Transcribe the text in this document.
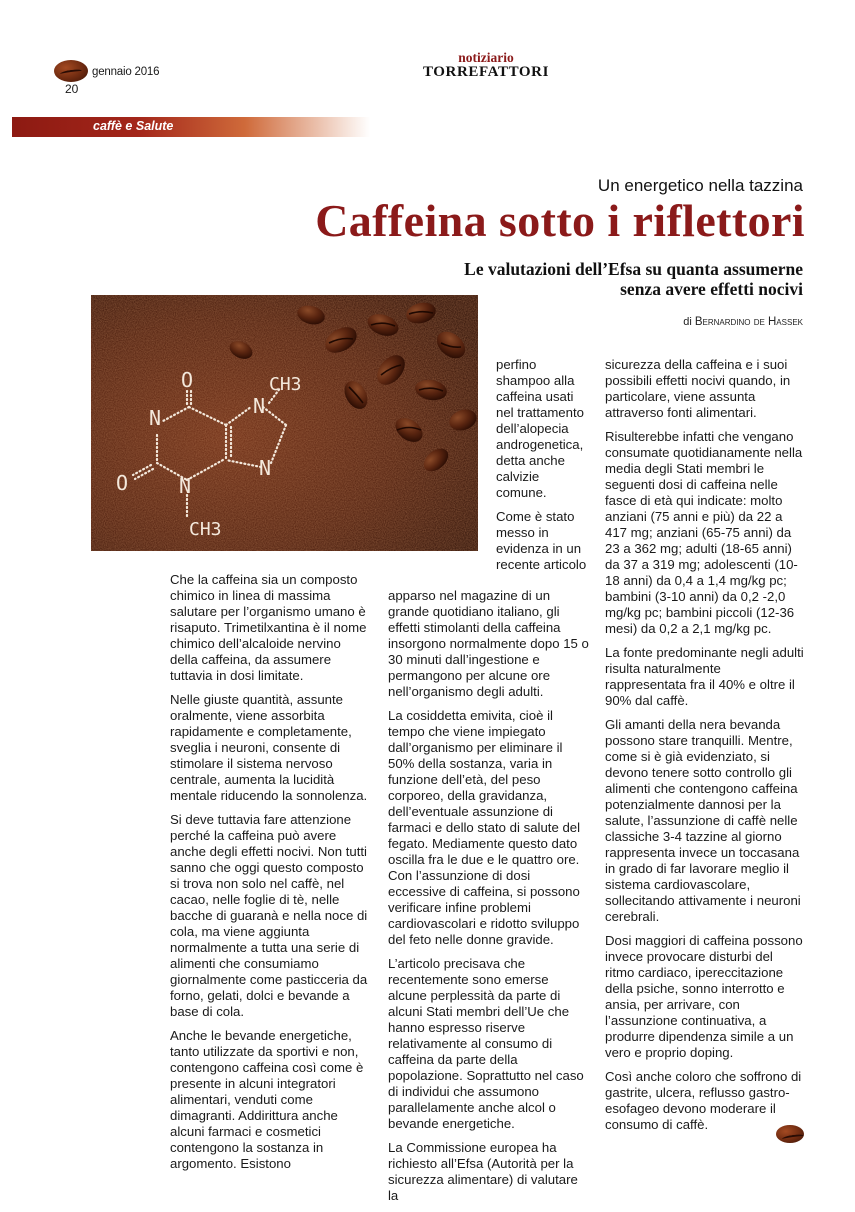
gennaio 2016
20
notiziario
TORREFATTORI
caffè e Salute
Un energetico nella tazzina
Caffeina sotto i riflettori
Le valutazioni dell’Efsa su quanta assumerne
senza avere effetti nocivi
di Bernardino de Hassek
O
N
CH3
O	N
N
N
CH3

Che la caffeina sia un composto chimico in linea di massima salutare per l’organismo umano è risaputo. Trimetilxantina è il nome chimico dell’alcaloide nervino della caffeina, da assumere tuttavia in dosi limitate.

Nelle giuste quantità, assunte oralmente, viene assorbita rapidamente e completamente, sveglia i neuroni, consente di stimolare il sistema nervoso centrale, aumenta la lucidità mentale riducendo la sonnolenza.

Si deve tuttavia fare attenzione perché la caffeina può avere anche degli effetti nocivi. Non tutti sanno che oggi questo composto si trova non solo nel caffè, nel cacao, nelle foglie di tè, nelle bacche di guaranà e nella noce di cola, ma viene aggiunta normalmente a tutta una serie di alimenti che consumiamo giornalmente come pasticceria da forno, gelati, dolci e bevande a base di cola.

Anche le bevande energetiche, tanto utilizzate da sportivi e non, contengono caffeina così come è presente in alcuni integratori alimentari, venduti come dimagranti. Addirittura anche alcuni farmaci e cosmetici contengono la sostanza in argomento. Esistono

perfino shampoo alla caffeina usati nel trattamento dell’alopecia androgenetica, detta anche calvizie comune.

Come è stato messo in evidenza in un recente articolo

apparso nel magazine di un grande quotidiano italiano, gli effetti stimolanti della caffeina insorgono normalmente dopo 15 o 30 minuti dall’ingestione e permangono per alcune ore nell’organismo degli adulti.

La cosiddetta emivita, cioè il tempo che viene impiegato dall’organismo per eliminare il 50% della sostanza, varia in funzione dell’età, del peso corporeo, della gravidanza, dell’eventuale assunzione di farmaci e dello stato di salute del fegato. Mediamente questo dato oscilla fra le due e le quattro ore. Con l’assunzione di dosi eccessive di caffeina, si possono verificare infine problemi cardiovascolari e ridotto sviluppo del feto nelle donne gravide.

L’articolo precisava che recentemente sono emerse alcune perplessità da parte di alcuni Stati membri dell’Ue che hanno espresso riserve relativamente al consumo di caffeina da parte della popolazione. Soprattutto nel caso di individui che assumono parallelamente anche alcol o bevande energetiche.

La Commissione europea ha richiesto all’Efsa (Autorità per la sicurezza alimentare) di valutare la

sicurezza della caffeina e i suoi possibili effetti nocivi quando, in particolare, viene assunta attraverso fonti alimentari.

Risulterebbe infatti che vengano consumate quotidianamente nella media degli Stati membri le seguenti dosi di caffeina nelle fasce di età qui indicate: molto anziani (75 anni e più) da 22 a 417 mg; anziani (65-75 anni) da 23 a 362 mg; adulti (18-65 anni) da 37 a 319 mg; adolescenti (10-18 anni) da 0,4 a 1,4 mg/kg pc; bambini (3-10 anni) da 0,2 -2,0 mg/kg pc; bambini piccoli (12-36 mesi) da 0,2 a 2,1 mg/kg pc.

La fonte predominante negli adulti risulta naturalmente rappresentata fra il 40% e oltre il 90% dal caffè.

Gli amanti della nera bevanda possono stare tranquilli. Mentre, come si è già evidenziato, si devono tenere sotto controllo gli alimenti che contengono caffeina potenzialmente dannosi per la salute, l’assunzione di caffè nelle classiche 3-4 tazzine al giorno rappresenta invece un toccasana in grado di far lavorare meglio il sistema cardiovascolare, sollecitando attivamente i neuroni cerebrali.

Dosi maggiori di caffeina possono invece provocare disturbi del ritmo cardiaco, ipereccitazione della psiche, sonno interrotto e ansia, per arrivare, con l’assunzione continuativa, a produrre dipendenza simile a un vero e proprio doping.

Così anche coloro che soffrono di gastrite, ulcera, reflusso gastro-esofageo devono moderare il consumo di caffè.
